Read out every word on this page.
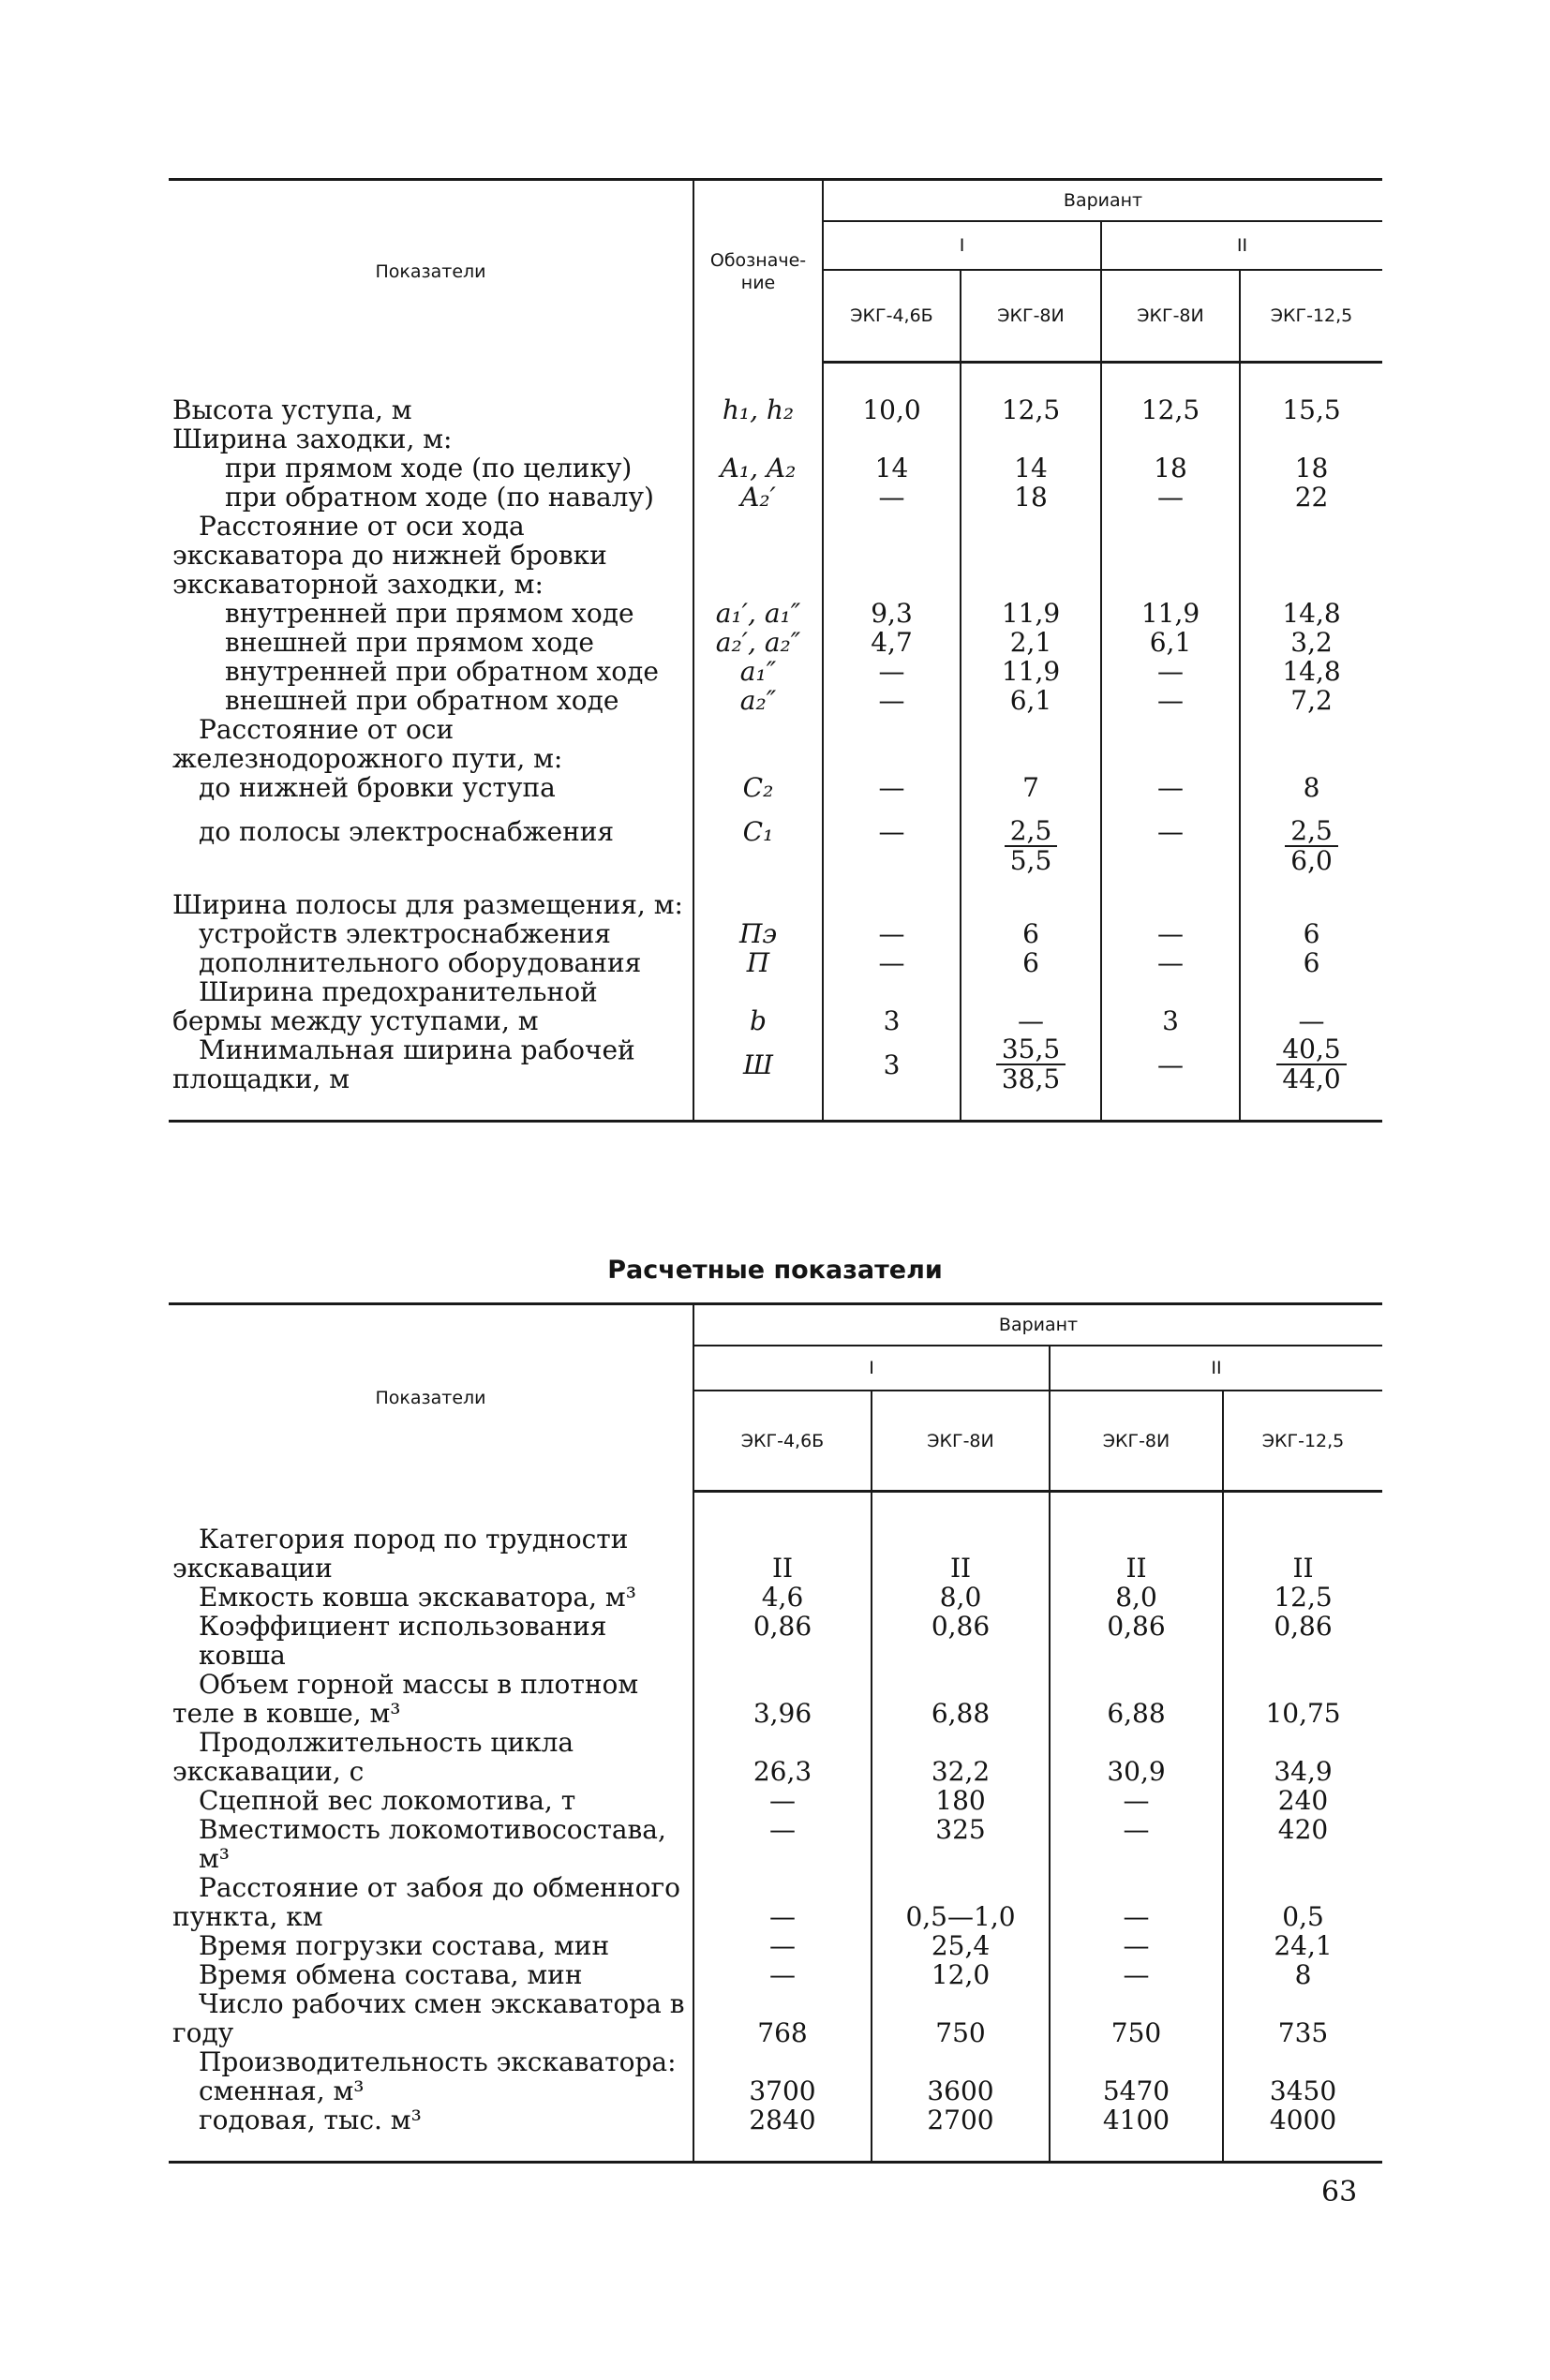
Показатели	Обозначе-ние	Вариант			
		I		II	
		ЭКГ-4,6Б	ЭКГ-8И	ЭКГ-8И	ЭКГ-12,5

Высота уступа, м	h₁, h₂	10,0	12,5	12,5	15,5
Ширина заходки, м:					
при прямом ходе (по целику)	A₁, A₂	14	14	18	18
при обратном ходе (по навалу)	A₂′	—	18	—	22
Расстояние от оси хода экскаватора до нижней бровки экскаваторной заходки, м:					
внутренней при прямом ходе	a₁′, a₁″	9,3	11,9	11,9	14,8
внешней при прямом ходе	a₂′, a₂″	4,7	2,1	6,1	3,2
внутренней при обратном ходе	a₁″	—	11,9	—	14,8
внешней при обратном ходе	a₂″	—	6,1	—	7,2
Расстояние от оси железнодорожного пути, м:					
до нижней бровки уступа	C₂	—	7	—	8

до полосы электроснабжения	C₁	—	$\frac{2,5}{5,5}$	—	$\frac{2,5}{6,0}$

Ширина полосы для размещения, м:					
устройств электроснабжения	Пэ	—	6	—	6
дополнительного оборудования	П	—	6	—	6
Ширина предохранительной бермы между уступами, м	b	3	—	3	—
Минимальная ширина рабочей площадки, м	Ш	3	$\frac{35,5}{38,5}$	—	$\frac{40,5}{44,0}$

Расчетные показатели
Показатели	Вариант			
	I		II	
	ЭКГ-4,6Б	ЭКГ-8И	ЭКГ-8И	ЭКГ-12,5

Категория пород по трудности экскавации	II	II	II	II
Емкость ковша экскаватора, м³	4,6	8,0	8,0	12,5
Коэффициент использования ковша	0,86	0,86	0,86	0,86
Объем горной массы в плотном теле в ковше, м³	3,96	6,88	6,88	10,75
Продолжительность цикла экскавации, с	26,3	32,2	30,9	34,9
Сцепной вес локомотива, т	—	180	—	240
Вместимость локомотивосостава, м³	—	325	—	420
Расстояние от забоя до обменного пункта, км	—	0,5—1,0	—	0,5
Время погрузки состава, мин	—	25,4	—	24,1
Время обмена состава, мин	—	12,0	—	8
Число рабочих смен экскаватора в году	768	750	750	735
Производительность экскаватора:				
сменная, м³	3700	3600	5470	3450
годовая, тыс. м³	2840	2700	4100	4000

63
